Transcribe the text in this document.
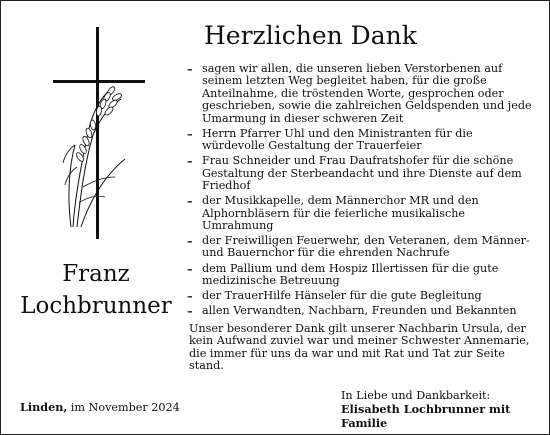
Franz
Lochbrunner
Herzlichen Dank
– sagen wir allen, die unseren lieben Verstorbenen auf seinem letzten Weg begleitet haben, für die große Anteilnahme, die tröstenden Worte, gesprochen oder geschrieben, sowie die zahlreichen Geldspenden und jede Umarmung in dieser schweren Zeit
– Herrn Pfarrer Uhl und den Ministranten für die würdevolle Gestaltung der Trauerfeier
– Frau Schneider und Frau Daufratshofer für die schöne Gestaltung der Sterbeandacht und ihre Dienste auf dem Friedhof
– der Musikkapelle, dem Männerchor MR und den Alphornbläsern für die feierliche musikalische Umrahmung
– der Freiwilligen Feuerwehr, den Veteranen, dem Männer- und Bauernchor für die ehrenden Nachrufe
– dem Pallium und dem Hospiz Illertissen für die gute medizinische Betreuung
– der TrauerHilfe Hänseler für die gute Begleitung
– allen Verwandten, Nachbarn, Freunden und Bekannten

Unser besonderer Dank gilt unserer Nachbarin Ursula, der kein Aufwand zuviel war und meiner Schwester Annemarie, die immer für uns da war und mit Rat und Tat zur Seite stand.

Linden, im November 2024
In Liebe und Dankbarkeit:
Elisabeth Lochbrunner mit Familie
